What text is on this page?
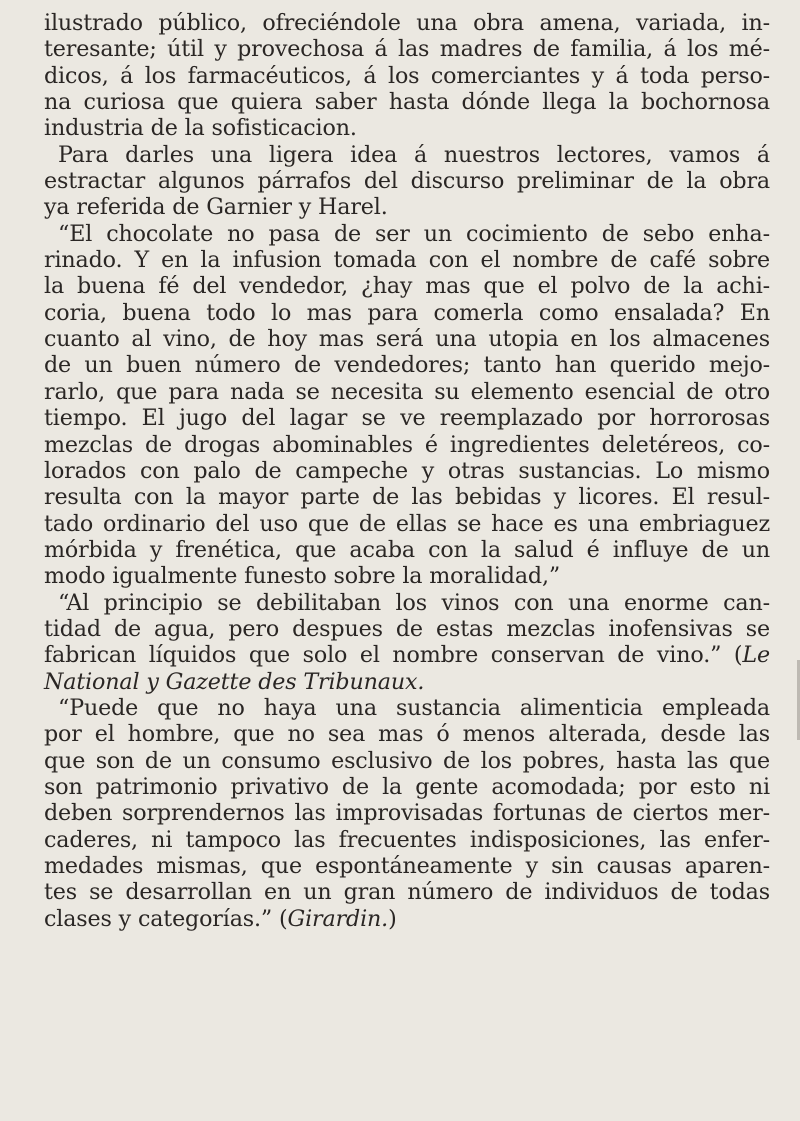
ilustrado público, ofreciéndole una obra amena, variada, in-
teresante; útil y provechosa á las madres de familia, á los mé-
dicos, á los farmacéuticos, á los comerciantes y á toda perso-
na curiosa que quiera saber hasta dónde llega la bochornosa
industria de la sofisticacion.
Para darles una ligera idea á nuestros lectores, vamos á
estractar algunos párrafos del discurso preliminar de la obra
ya referida de Garnier y Harel.
“El chocolate no pasa de ser un cocimiento de sebo enha-
rinado. Y en la infusion tomada con el nombre de café sobre
la buena fé del vendedor, ¿hay mas que el polvo de la achi-
coria, buena todo lo mas para comerla como ensalada? En
cuanto al vino, de hoy mas será una utopia en los almacenes
de un buen número de vendedores; tanto han querido mejo-
rarlo, que para nada se necesita su elemento esencial de otro
tiempo. El jugo del lagar se ve reemplazado por horrorosas
mezclas de drogas abominables é ingredientes deletéreos, co-
lorados con palo de campeche y otras sustancias. Lo mismo
resulta con la mayor parte de las bebidas y licores. El resul-
tado ordinario del uso que de ellas se hace es una embriaguez
mórbida y frenética, que acaba con la salud é influye de un
modo igualmente funesto sobre la moralidad,”
“Al principio se debilitaban los vinos con una enorme can-
tidad de agua, pero despues de estas mezclas inofensivas se
fabrican líquidos que solo el nombre conservan de vino.” (Le
National y Gazette des Tribunaux.
“Puede que no haya una sustancia alimenticia empleada
por el hombre, que no sea mas ó menos alterada, desde las
que son de un consumo esclusivo de los pobres, hasta las que
son patrimonio privativo de la gente acomodada; por esto ni
deben sorprendernos las improvisadas fortunas de ciertos mer-
caderes, ni tampoco las frecuentes indisposiciones, las enfer-
medades mismas, que espontáneamente y sin causas aparen-
tes se desarrollan en un gran número de individuos de todas
clases y categorías.” (Girardin.)
